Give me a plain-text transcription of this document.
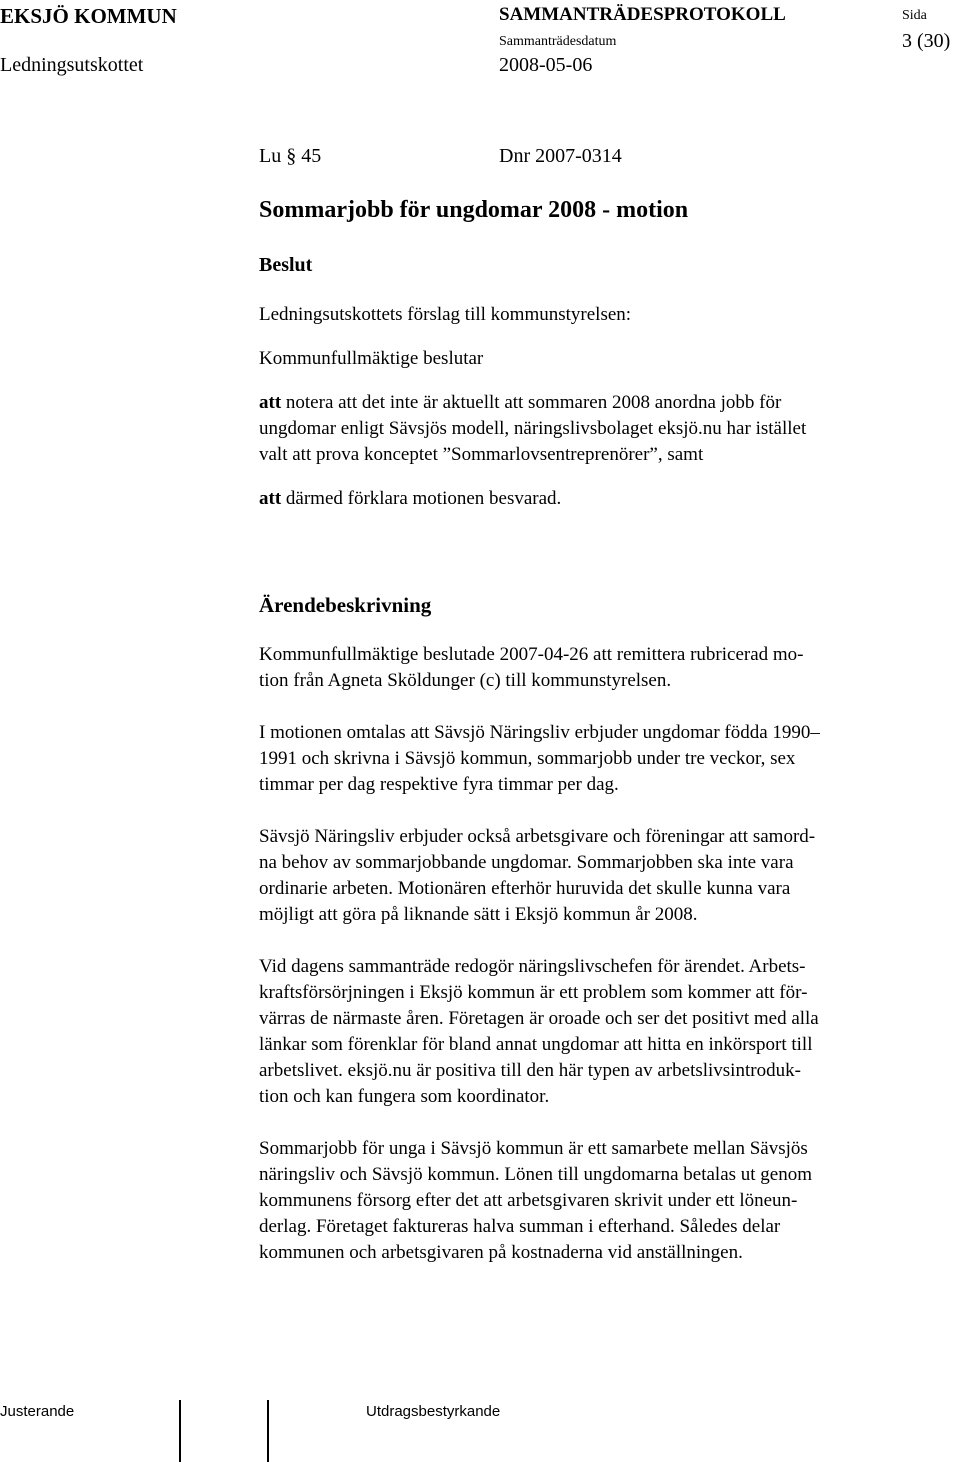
EKSJÖ KOMMUN
Ledningsutskottet
SAMMANTRÄDESPROTOKOLL
Sammanträdesdatum
2008-05-06
Sida
3 (30)
Lu § 45	Dnr 2007-0314
Sommarjobb för ungdomar 2008 - motion

Beslut

Ledningsutskottets förslag till kommunstyrelsen:

Kommunfullmäktige beslutar

att notera att det inte är aktuellt att sommaren 2008 anordna jobb för
ungdomar enligt Sävsjös modell, näringslivsbolaget eksjö.nu har istället
valt att prova konceptet ”Sommarlovsentreprenörer”, samt
att därmed förklara motionen besvarad.

Ärendebeskrivning

Kommunfullmäktige beslutade 2007-04-26 att remittera rubricerad mo-
tion från Agneta Sköldunger (c) till kommunstyrelsen.
I motionen omtalas att Sävsjö Näringsliv erbjuder ungdomar födda 1990–
1991 och skrivna i Sävsjö kommun, sommarjobb under tre veckor, sex
timmar per dag respektive fyra timmar per dag.
Sävsjö Näringsliv erbjuder också arbetsgivare och föreningar att samord-
na behov av sommarjobbande ungdomar. Sommarjobben ska inte vara
ordinarie arbeten. Motionären efterhör huruvida det skulle kunna vara
möjligt att göra på liknande sätt i Eksjö kommun år 2008.
Vid dagens sammanträde redogör näringslivschefen för ärendet. Arbets-
kraftsförsörjningen i Eksjö kommun är ett problem som kommer att för-
värras de närmaste åren. Företagen är oroade och ser det positivt med alla
länkar som förenklar för bland annat ungdomar att hitta en inkörsport till
arbetslivet. eksjö.nu är positiva till den här typen av arbetslivsintroduk-
tion och kan fungera som koordinator.
Sommarjobb för unga i Sävsjö kommun är ett samarbete mellan Sävsjös
näringsliv och Sävsjö kommun. Lönen till ungdomarna betalas ut genom
kommunens försorg efter det att arbetsgivaren skrivit under ett löneun-
derlag. Företaget faktureras halva summan i efterhand. Således delar
kommunen och arbetsgivaren på kostnaderna vid anställningen.
Justerande	Utdragsbestyrkande
